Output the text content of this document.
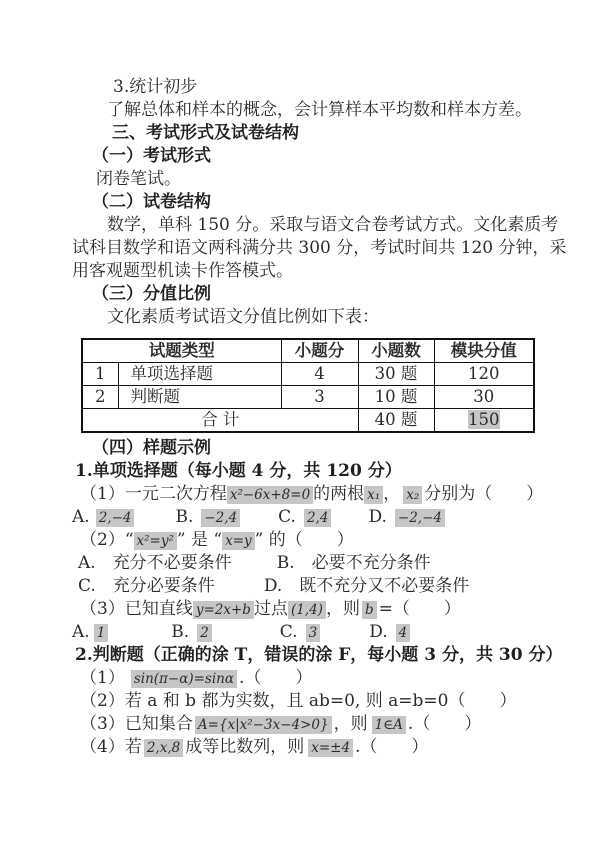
3.统计初步
了解总体和样本的概念，会计算样本平均数和样本方差。
三、考试形式及试卷结构
（一）考试形式
闭卷笔试。
（二）试卷结构
数学，单科 150 分。采取与语文合卷考试方式。文化素质考
试科目数学和语文两科满分共 300 分，考试时间共 120 分钟，采
用客观题型机读卡作答模式。
（三）分值比例
文化素质考试语文分值比例如下表：
试题类型		小题分	小题数	模块分值
1	单项选择题	4	30 题	120
2	判断题	3	10 题	30
合 计			40 题	150
（四）样题示例
1.单项选择题（每小题 4 分，共 120 分）
（1）一元二次方程 x²−6x+8=0 的两根 x₁ ， x₂ 分别为（　　）
A. 2,−4	B. −2,4 C. 2,4 D. −2,−4
（2）“ x²=y² ” 是 “ x=y ” 的（　　）
A.　充分不必要条件	B.　必要不充分条件
C.　充分必要条件	D.　既不充分又不必要条件
（3）已知直线 y=2x+b 过点 (1,4) ，则 b =（　　）
A. 1	B. 2	C. 3	D. 4
2.判断题（正确的涂 T，错误的涂 F，每小题 3 分，共 30 分）
（1） sin(π−α)=sinα .（　　）
（2）若 a 和 b 都为实数，且 ab=0, 则 a=b=0（　　）
（3）已知集合 A={x|x²−3x−4>0} ，则 1∈A .（　　）
（4）若 2,x,8 成等比数列，则 x=±4 .（　　）
